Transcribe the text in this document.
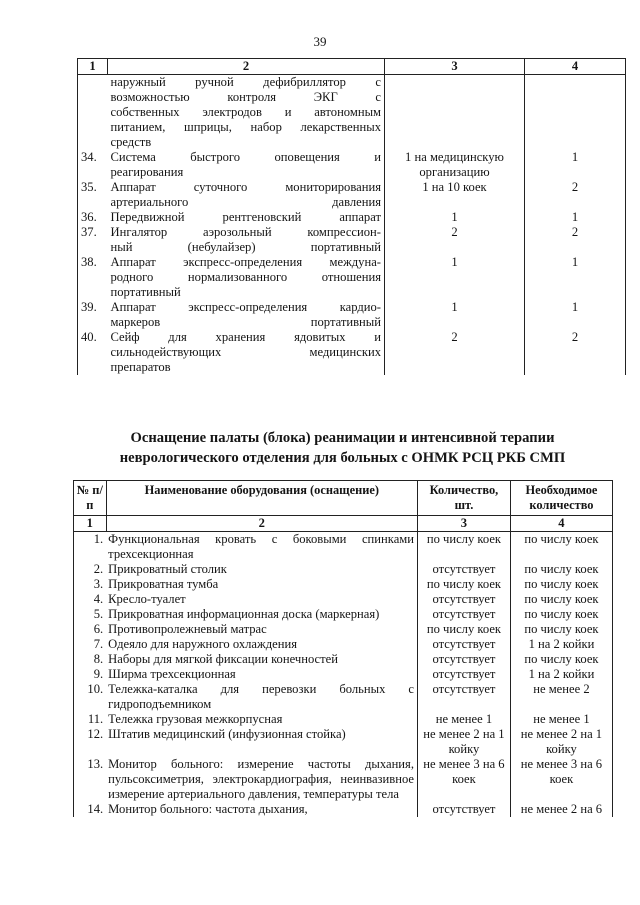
39
1	2	3	4

	наружный ручной дефибриллятор с
возможностью контроля ЭКГ с
собственных электродов и автономным
питанием, шприцы, набор лекарственных
средств		

34.	Система быстрого оповещения и
реагирования	1 на медицинскую организацию	1
35.	Аппарат суточного мониторирования
артериального давления	1 на 10 коек	2
36.	Передвижной рентгеновский аппарат	1	1
37.	Ингалятор аэрозольный компрессион-
ный (небулайзер) портативный	2	2
38.	Аппарат экспресс-определения междуна-
родного нормализованного отношения
портативный	1	1
39.	Аппарат экспресс-определения кардио-
маркеров портативный	1	1
40.	Сейф для хранения ядовитых и
сильнодействующих медицинских
препаратов	2	2
Оснащение палаты (блока) реанимации и интенсивной терапии
неврологического отделения для больных с ОНМК РСЦ РКБ СМП
№ п/п	Наименование оборудования (оснащение)	Количество, шт.	Необходимое количество
1	2	3	4
1.	Функциональная кровать с боковыми спинками трехсекционная	по числу коек	по числу коек
2.	Прикроватный столик	отсутствует	по числу коек
3.	Прикроватная тумба	по числу коек	по числу коек
4.	Кресло-туалет	отсутствует	по числу коек
5.	Прикроватная информационная доска (маркерная)	отсутствует	по числу коек
6.	Противопролежневый матрас	по числу коек	по числу коек
7.	Одеяло для наружного охлаждения	отсутствует	1 на 2 койки
8.	Наборы для мягкой фиксации конечностей	отсутствует	по числу коек
9.	Ширма трехсекционная	отсутствует	1 на 2 койки
10.	Тележка-каталка для перевозки больных с гидроподъемником	отсутствует	не менее 2
11.	Тележка грузовая межкорпусная	не менее 1	не менее 1
12.	Штатив медицинский (инфузионная стойка)	не менее 2 на 1 койку	не менее 2 на 1 койку
13.	Монитор больного: измерение частоты дыхания, пульсоксиметрия, электрокардиография, неинвазивное измерение артериального давления, температуры тела	не менее 3 на 6 коек	не менее 3 на 6 коек
14.	Монитор больного: частота дыхания,	отсутствует	не менее 2 на 6
